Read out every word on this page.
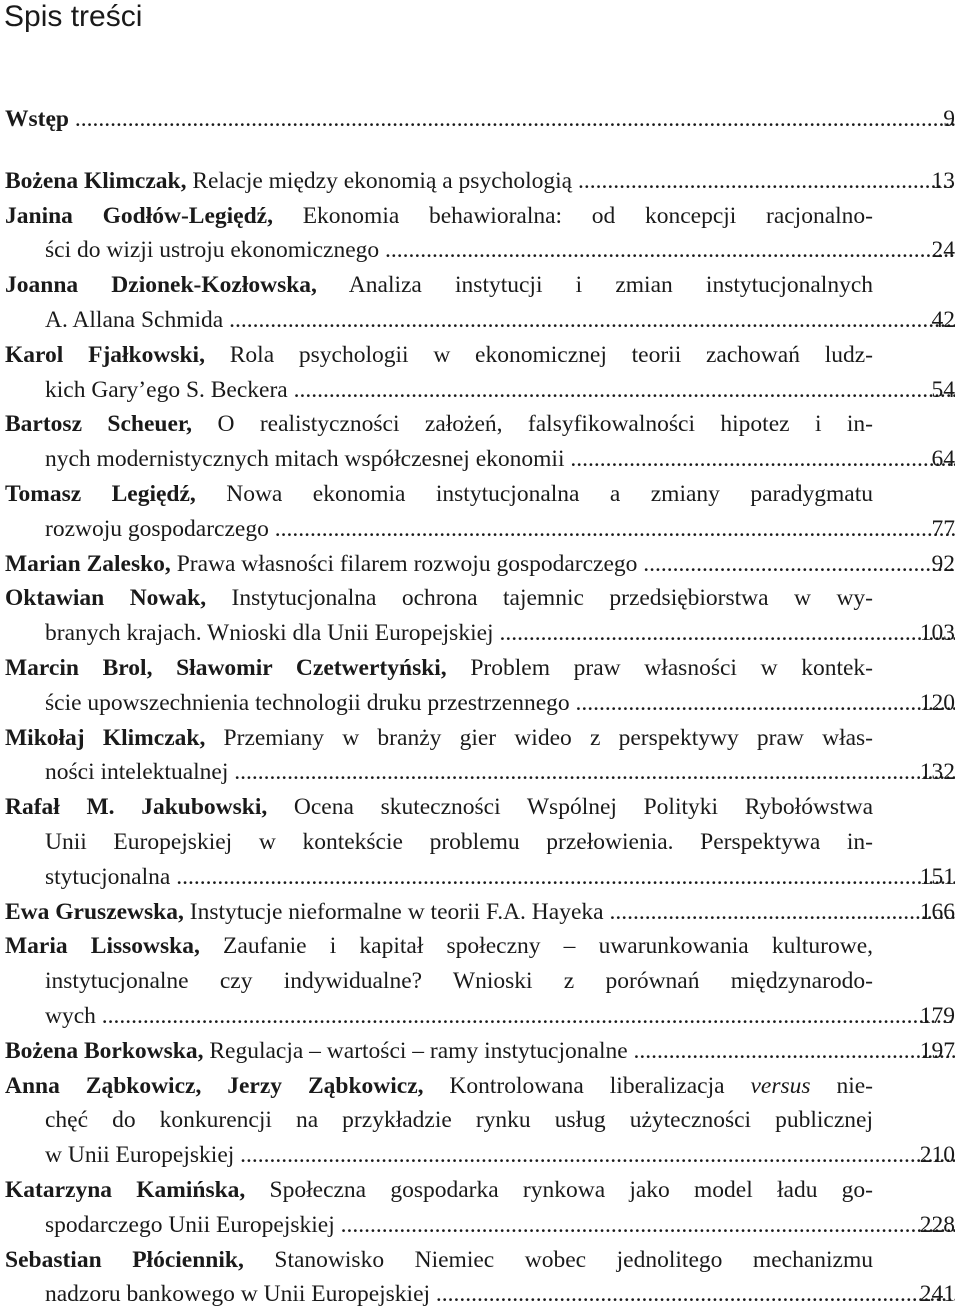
Spis treści
Wstęp .....	9
Bożena Klimczak, Relacje między ekonomią a psychologią .....	13
Janina Godłów-Legiędź, Ekonomia behawioralna: od koncepcji racjonalno-
ści do wizji ustroju ekonomicznego .....	24
Joanna Dzionek-Kozłowska, Analiza instytucji i zmian instytucjonalnych
A. Allana Schmida .....	42
Karol Fjałkowski, Rola psychologii w ekonomicznej teorii zachowań ludz-
kich Gary’ego S. Beckera .....	54
Bartosz Scheuer, O realistyczności założeń, falsyfikowalności hipotez i in-
nych modernistycznych mitach współczesnej ekonomii .....	64
Tomasz Legiędź, Nowa ekonomia instytucjonalna a zmiany paradygmatu
rozwoju gospodarczego .....	77
Marian Zalesko, Prawa własności filarem rozwoju gospodarczego .....	92
Oktawian Nowak, Instytucjonalna ochrona tajemnic przedsiębiorstwa w wy-
branych krajach. Wnioski dla Unii Europejskiej .....	103
Marcin Brol, Sławomir Czetwertyński, Problem praw własności w kontek-
ście upowszechnienia technologii druku przestrzennego .....	120
Mikołaj Klimczak, Przemiany w branży gier wideo z perspektywy praw włas-
ności intelektualnej .....	132
Rafał M. Jakubowski, Ocena skuteczności Wspólnej Polityki Rybołówstwa
Unii Europejskiej w kontekście problemu przełowienia. Perspektywa in-
stytucjonalna .....	151
Ewa Gruszewska, Instytucje nieformalne w teorii F.A. Hayeka .....	166
Maria Lissowska, Zaufanie i kapitał społeczny – uwarunkowania kulturowe,
instytucjonalne czy indywidualne? Wnioski z porównań międzynarodo-
wych .....	179
Bożena Borkowska, Regulacja – wartości – ramy instytucjonalne .....	197
Anna Ząbkowicz, Jerzy Ząbkowicz, Kontrolowana liberalizacja versus nie-
chęć do konkurencji na przykładzie rynku usług użyteczności publicznej
w Unii Europejskiej .....	210
Katarzyna Kamińska, Społeczna gospodarka rynkowa jako model ładu go-
spodarczego Unii Europejskiej .....	228
Sebastian Płóciennik, Stanowisko Niemiec wobec jednolitego mechanizmu
nadzoru bankowego w Unii Europejskiej .....	241
